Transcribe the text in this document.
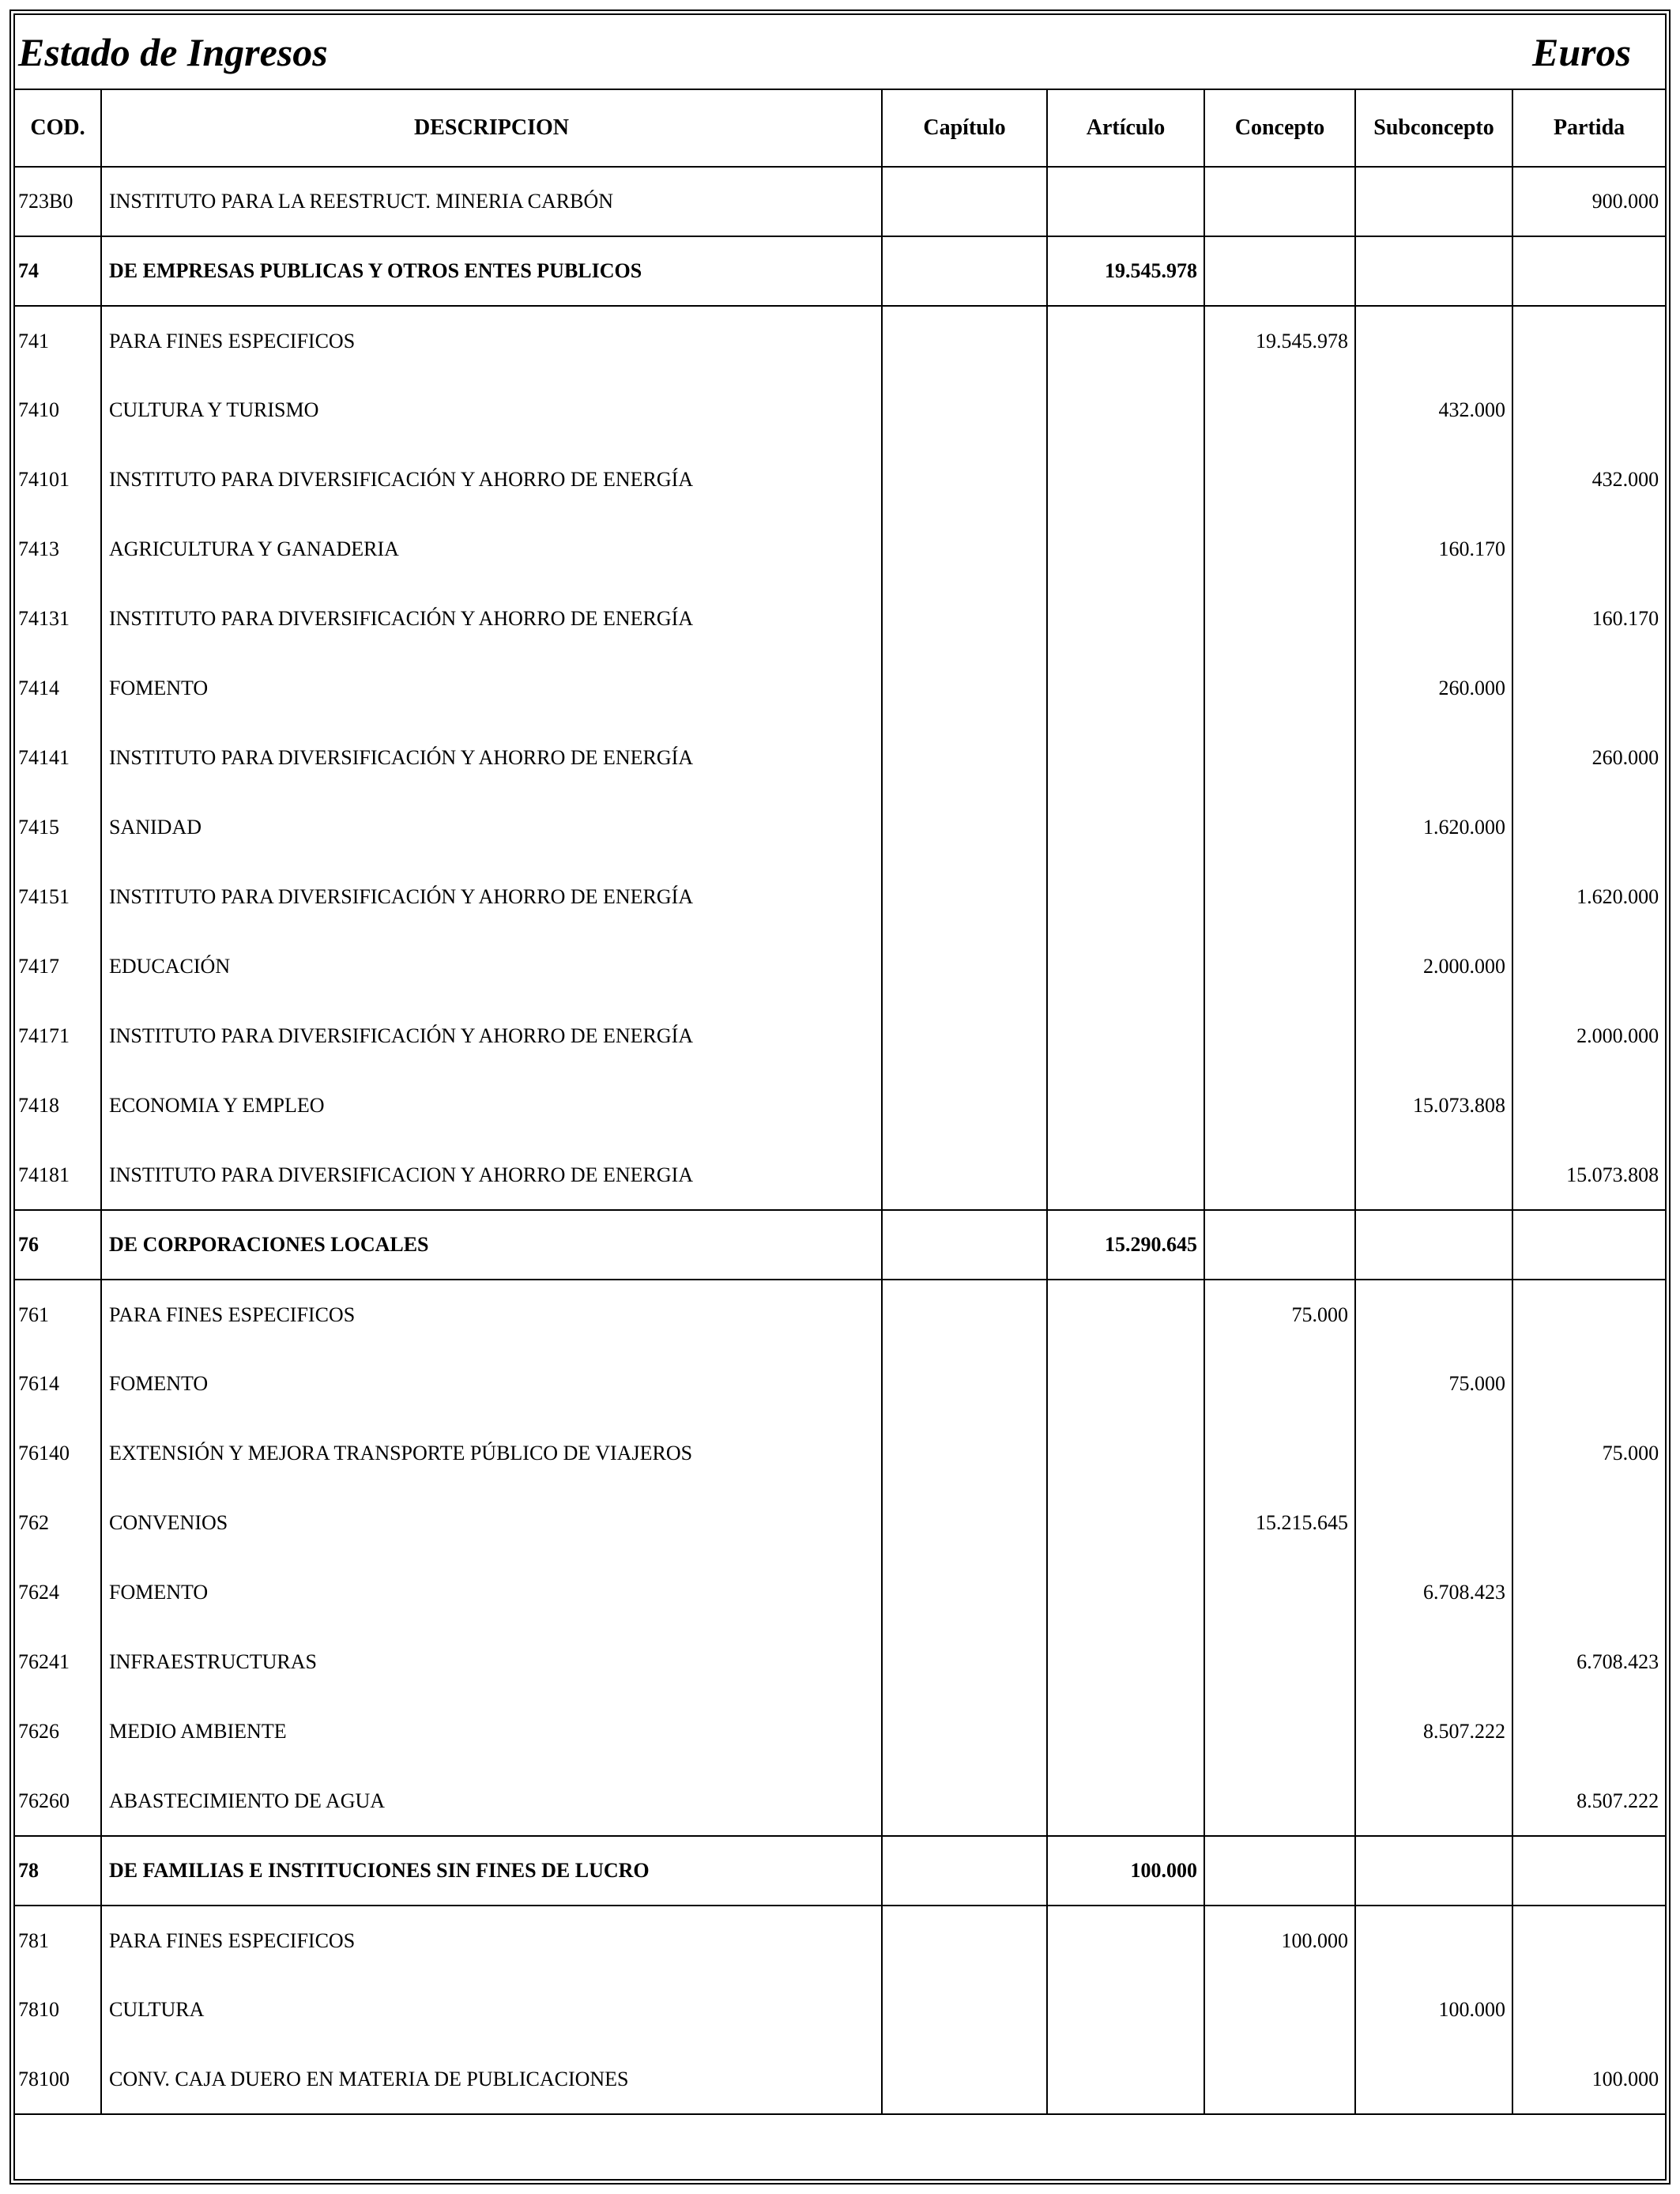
Estado de Ingresos Euros						

COD.	DESCRIPCION	Capítulo	Artículo	Concepto	Subconcepto	Partida
723B0	INSTITUTO PARA LA REESTRUCT. MINERIA CARBÓN					900.000
74	DE EMPRESAS PUBLICAS Y OTROS ENTES PUBLICOS		19.545.978			
741	PARA FINES ESPECIFICOS			19.545.978		
7410	CULTURA Y TURISMO				432.000	
74101	INSTITUTO PARA DIVERSIFICACIÓN Y AHORRO DE ENERGÍA					432.000
7413	AGRICULTURA Y GANADERIA				160.170	
74131	INSTITUTO PARA DIVERSIFICACIÓN Y AHORRO DE ENERGÍA					160.170
7414	FOMENTO				260.000	
74141	INSTITUTO PARA DIVERSIFICACIÓN Y AHORRO DE ENERGÍA					260.000
7415	SANIDAD				1.620.000	
74151	INSTITUTO PARA DIVERSIFICACIÓN Y AHORRO DE ENERGÍA					1.620.000
7417	EDUCACIÓN				2.000.000	
74171	INSTITUTO PARA DIVERSIFICACIÓN Y AHORRO DE ENERGÍA					2.000.000
7418	ECONOMIA Y EMPLEO				15.073.808	
74181	INSTITUTO PARA DIVERSIFICACION Y AHORRO DE ENERGIA					15.073.808
76	DE CORPORACIONES LOCALES		15.290.645			
761	PARA FINES ESPECIFICOS			75.000		
7614	FOMENTO				75.000	
76140	EXTENSIÓN Y MEJORA TRANSPORTE PÚBLICO DE VIAJEROS					75.000
762	CONVENIOS			15.215.645		
7624	FOMENTO				6.708.423	
76241	INFRAESTRUCTURAS					6.708.423
7626	MEDIO AMBIENTE				8.507.222	
76260	ABASTECIMIENTO DE AGUA					8.507.222
78	DE FAMILIAS E INSTITUCIONES SIN FINES DE LUCRO		100.000			
781	PARA FINES ESPECIFICOS			100.000		
7810	CULTURA				100.000	
78100	CONV. CAJA DUERO EN MATERIA DE PUBLICACIONES					100.000
